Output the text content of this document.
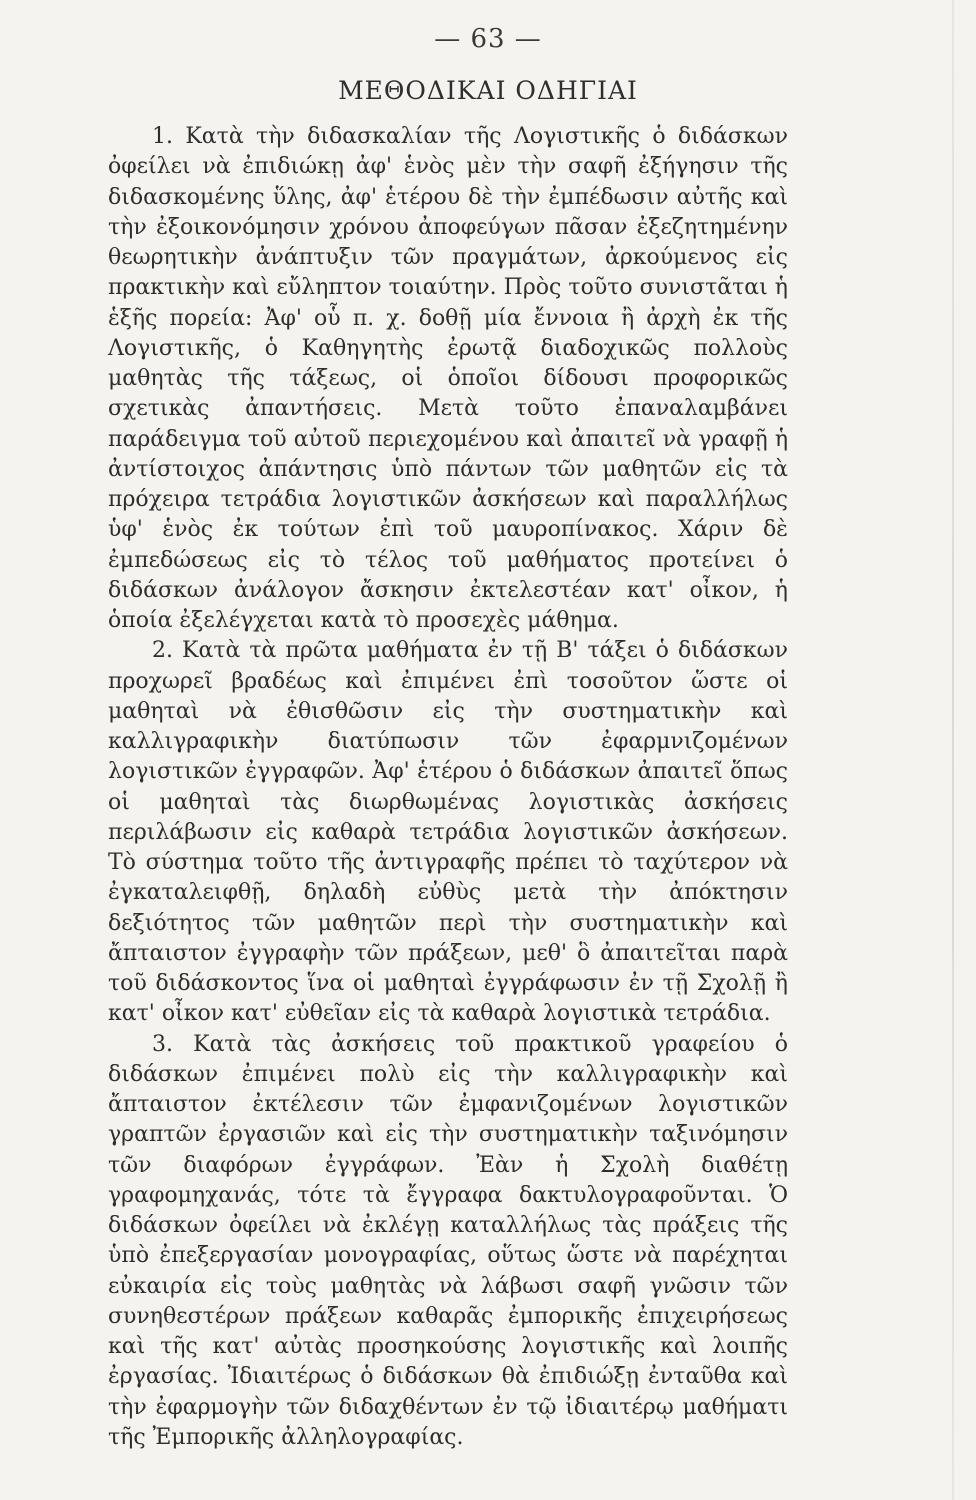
— 63 —
ΜΕΘΟΔΙΚΑΙ ΟΔΗΓΙΑΙ

1. Κατὰ τὴν διδασκαλίαν τῆς Λογιστικῆς ὁ διδάσκων ὀφείλει νὰ ἐπιδιώκῃ ἀφ' ἑνὸς μὲν τὴν σαφῆ ἐξήγησιν τῆς διδασκομένης ὕλης, ἀφ' ἑτέρου δὲ τὴν ἐμπέδωσιν αὐτῆς καὶ τὴν ἐξοικονόμησιν χρόνου ἀποφεύγων πᾶσαν ἐξεζητημένην θεωρητικὴν ἀνάπτυξιν τῶν πραγμάτων, ἀρκούμενος εἰς πρακτικὴν καὶ εὔληπτον τοιαύτην. Πρὸς τοῦτο συνιστᾶται ἡ ἑξῆς πορεία: Ἀφ' οὗ π. χ. δοθῇ μία ἔννοια ἢ ἀρχὴ ἐκ τῆς Λογιστικῆς, ὁ Καθηγητὴς ἐρωτᾷ διαδοχικῶς πολλοὺς μαθητὰς τῆς τάξεως, οἱ ὁποῖοι δίδουσι προφορικῶς σχετικὰς ἀπαντήσεις. Μετὰ τοῦτο ἐπαναλαμβάνει παράδειγμα τοῦ αὐτοῦ περιεχομένου καὶ ἀπαιτεῖ νὰ γραφῇ ἡ ἀντίστοιχος ἀπάντησις ὑπὸ πάντων τῶν μαθητῶν εἰς τὰ πρόχειρα τετράδια λογιστικῶν ἀσκήσεων καὶ παραλλήλως ὑφ' ἑνὸς ἐκ τούτων ἐπὶ τοῦ μαυροπίνακος. Χάριν δὲ ἐμπεδώσεως εἰς τὸ τέλος τοῦ μαθήματος προτείνει ὁ διδάσκων ἀνάλογον ἄσκησιν ἐκτελεστέαν κατ' οἶκον, ἡ ὁποία ἐξελέγχεται κατὰ τὸ προσεχὲς μάθημα.

2. Κατὰ τὰ πρῶτα μαθήματα ἐν τῇ Β' τάξει ὁ διδάσκων προχωρεῖ βραδέως καὶ ἐπιμένει ἐπὶ τοσοῦτον ὥστε οἱ μαθηταὶ νὰ ἐθισθῶσιν εἰς τὴν συστηματικὴν καὶ καλλιγραφικὴν διατύπωσιν τῶν ἐφαρμνιζομένων λογιστικῶν ἐγγραφῶν. Ἀφ' ἑτέρου ὁ διδάσκων ἀπαιτεῖ ὅπως οἱ μαθηταὶ τὰς διωρθωμένας λογιστικὰς ἀσκήσεις περιλάβωσιν εἰς καθαρὰ τετράδια λογιστικῶν ἀσκήσεων. Τὸ σύστημα τοῦτο τῆς ἀντιγραφῆς πρέπει τὸ ταχύτερον νὰ ἐγκαταλειφθῇ, δηλαδὴ εὐθὺς μετὰ τὴν ἀπόκτησιν δεξιότητος τῶν μαθητῶν περὶ τὴν συστηματικὴν καὶ ἄπταιστον ἐγγραφὴν τῶν πράξεων, μεθ' ὃ ἀπαιτεῖται παρὰ τοῦ διδάσκοντος ἵνα οἱ μαθηταὶ ἐγγράφωσιν ἐν τῇ Σχολῇ ἢ κατ' οἶκον κατ' εὐθεῖαν εἰς τὰ καθαρὰ λογιστικὰ τετράδια.

3. Κατὰ τὰς ἀσκήσεις τοῦ πρακτικοῦ γραφείου ὁ διδάσκων ἐπιμένει πολὺ εἰς τὴν καλλιγραφικὴν καὶ ἄπταιστον ἐκτέλεσιν τῶν ἐμφανιζομένων λογιστικῶν γραπτῶν ἐργασιῶν καὶ εἰς τὴν συστηματικὴν ταξινόμησιν τῶν διαφόρων ἐγγράφων. Ἐὰν ἡ Σχολὴ διαθέτῃ γραφομηχανάς, τότε τὰ ἔγγραφα δακτυλογραφοῦνται. Ὁ διδάσκων ὀφείλει νὰ ἐκλέγῃ καταλλήλως τὰς πράξεις τῆς ὑπὸ ἐπεξεργασίαν μονογραφίας, οὕτως ὥστε νὰ παρέχηται εὐκαιρία εἰς τοὺς μαθητὰς νὰ λάβωσι σαφῆ γνῶσιν τῶν συνηθεστέρων πράξεων καθαρᾶς ἐμπορικῆς ἐπιχειρήσεως καὶ τῆς κατ' αὐτὰς προσηκούσης λογιστικῆς καὶ λοιπῆς ἐργασίας. Ἰδιαιτέρως ὁ διδάσκων θὰ ἐπιδιώξῃ ἐνταῦθα καὶ τὴν ἐφαρμογὴν τῶν διδαχθέντων ἐν τῷ ἰδιαιτέρῳ μαθήματι τῆς Ἐμπορικῆς ἀλληλογραφίας.
